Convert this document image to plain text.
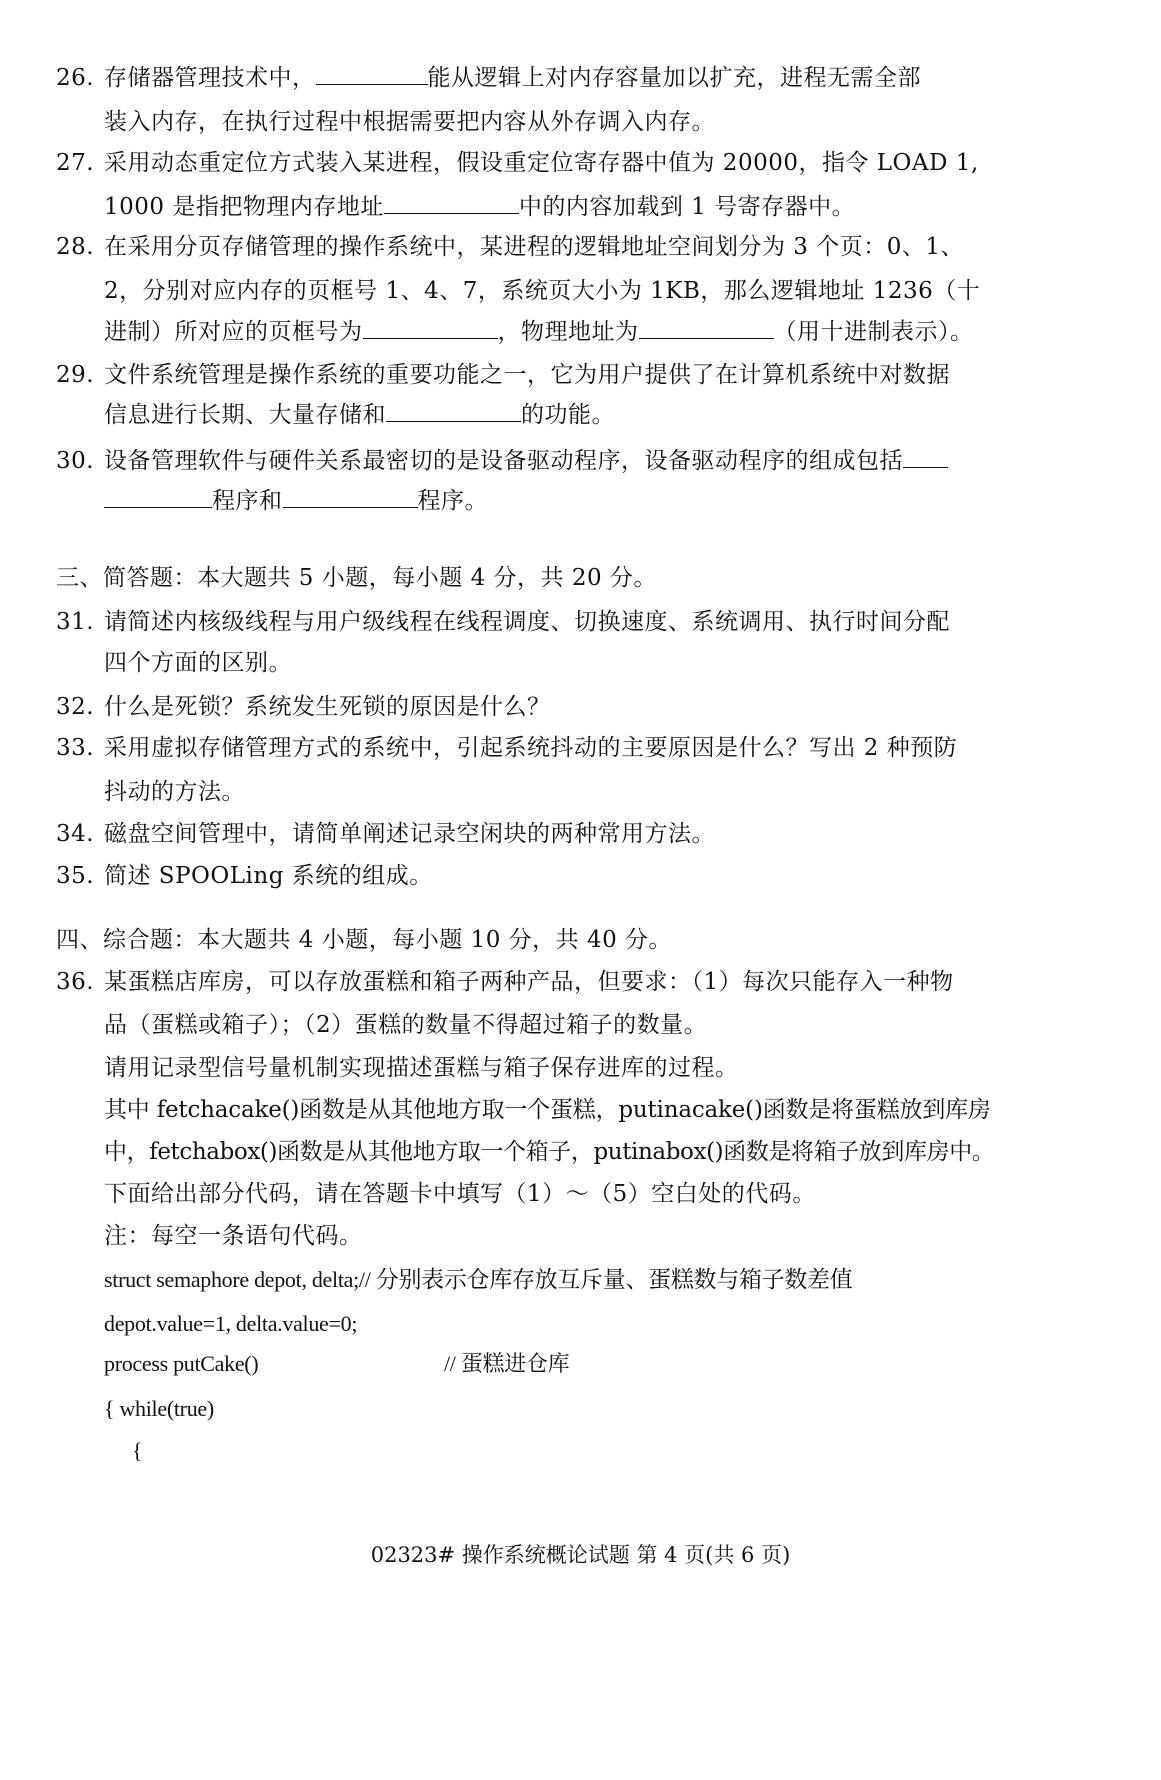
26. 存储器管理技术中，	能从逻辑上对内存容量加以扩充，进程无需全部
装入内存，在执行过程中根据需要把内容从外存调入内存。
27. 采用动态重定位方式装入某进程，假设重定位寄存器中值为 20000，指令 LOAD 1,
1000 是指把物理内存地址	中的内容加载到 1 号寄存器中。
28. 在采用分页存储管理的操作系统中，某进程的逻辑地址空间划分为 3 个页：0、1、
2，分别对应内存的页框号 1、4、7，系统页大小为 1KB，那么逻辑地址 1236（十
进制）所对应的页框号为	，物理地址为	（用十进制表示）。
29. 文件系统管理是操作系统的重要功能之一，它为用户提供了在计算机系统中对数据
信息进行长期、大量存储和	的功能。
30. 设备管理软件与硬件关系最密切的是设备驱动程序，设备驱动程序的组成包括
程序和	程序。
三、简答题：本大题共 5 小题，每小题 4 分，共 20 分。
31. 请简述内核级线程与用户级线程在线程调度、切换速度、系统调用、执行时间分配
四个方面的区别。
32. 什么是死锁？系统发生死锁的原因是什么？
33. 采用虚拟存储管理方式的系统中，引起系统抖动的主要原因是什么？写出 2 种预防
抖动的方法。
34. 磁盘空间管理中，请简单阐述记录空闲块的两种常用方法。
35. 简述 SPOOLing 系统的组成。
四、综合题：本大题共 4 小题，每小题 10 分，共 40 分。
36. 某蛋糕店库房，可以存放蛋糕和箱子两种产品，但要求：（1）每次只能存入一种物
品（蛋糕或箱子）；（2）蛋糕的数量不得超过箱子的数量。
请用记录型信号量机制实现描述蛋糕与箱子保存进库的过程。
其中 fetchacake()函数是从其他地方取一个蛋糕，putinacake()函数是将蛋糕放到库房
中，fetchabox()函数是从其他地方取一个箱子，putinabox()函数是将箱子放到库房中。
下面给出部分代码，请在答题卡中填写（1）～（5）空白处的代码。
注：每空一条语句代码。
struct semaphore depot, delta;// 分别表示仓库存放互斥量、蛋糕数与箱子数差值
depot.value=1, delta.value=0;
process putCake()	// 蛋糕进仓库
{ while(true)
{
02323# 操作系统概论试题 第 4 页(共 6 页)
